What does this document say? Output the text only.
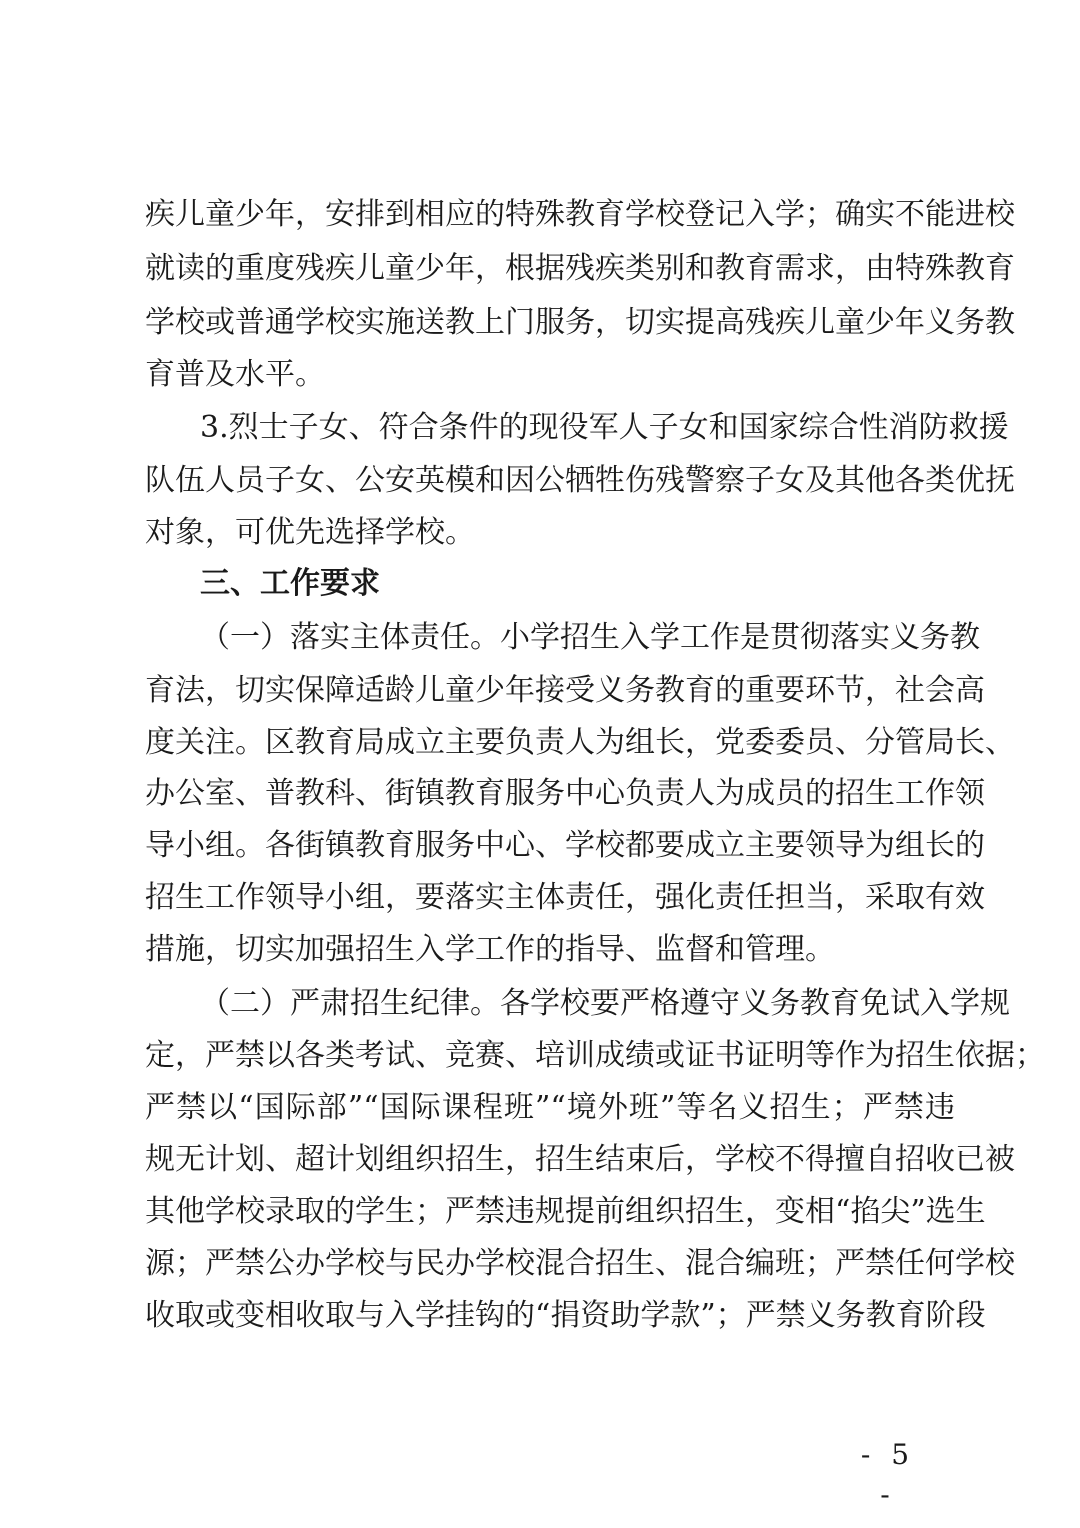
疾儿童少年，安排到相应的特殊教育学校登记入学；确实不能进校
就读的重度残疾儿童少年，根据残疾类别和教育需求，由特殊教育
学校或普通学校实施送教上门服务，切实提高残疾儿童少年义务教
育普及水平。
3.烈士子女、符合条件的现役军人子女和国家综合性消防救援
队伍人员子女、公安英模和因公牺牲伤残警察子女及其他各类优抚
对象，可优先选择学校。
三、工作要求
（一）落实主体责任。小学招生入学工作是贯彻落实义务教
育法，切实保障适龄儿童少年接受义务教育的重要环节，社会高
度关注。区教育局成立主要负责人为组长，党委委员、分管局长、
办公室、普教科、街镇教育服务中心负责人为成员的招生工作领
导小组。各街镇教育服务中心、学校都要成立主要领导为组长的
招生工作领导小组，要落实主体责任，强化责任担当，采取有效
措施，切实加强招生入学工作的指导、监督和管理。
（二）严肃招生纪律。各学校要严格遵守义务教育免试入学规
定，严禁以各类考试、竞赛、培训成绩或证书证明等作为招生依据；
严禁以“国际部”“国际课程班”“境外班”等名义招生；严禁违
规无计划、超计划组织招生，招生结束后，学校不得擅自招收已被
其他学校录取的学生；严禁违规提前组织招生，变相“掐尖”选生
源；严禁公办学校与民办学校混合招生、混合编班；严禁任何学校
收取或变相收取与入学挂钩的“捐资助学款”；严禁义务教育阶段
- 5 -
